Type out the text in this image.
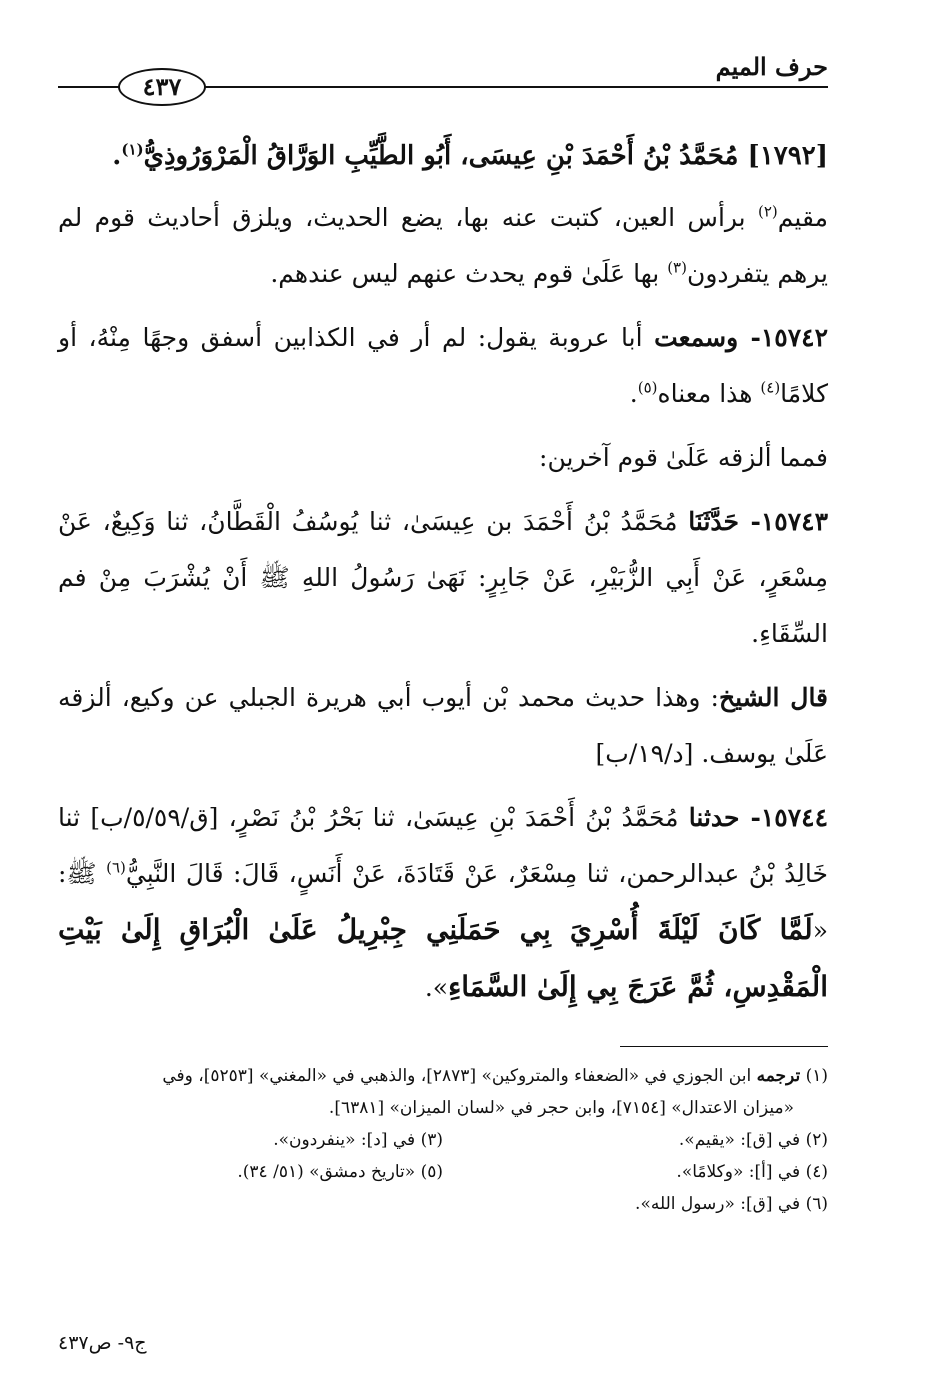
حرف الميم
٤٣٧

[١٧٩٢] مُحَمَّدُ بْنُ أَحْمَدَ بْنِ عِيسَى، أَبُو الطَّيِّبِ الوَرَّاقُ الْمَرْوَرُوذِيُّ$^{(١)}$.

مقيم$^{(٢)}$ برأس العين، كتبت عنه بها، يضع الحديث، ويلزق أحاديث قوم لم يرهم يتفردون$^{(٣)}$ بها عَلَىٰ قوم يحدث عنهم ليس عندهم.

١٥٧٤٢- وسمعت أبا عروبة يقول: لم أر في الكذابين أسفق وجهًا مِنْهُ، أو كلامًا$^{(٤)}$ هذا معناه$^{(٥)}$.

فمما ألزقه عَلَىٰ قوم آخرين:

١٥٧٤٣- حَدَّثَنَا مُحَمَّدُ بْنُ أَحْمَدَ بن عِيسَىٰ، ثنا يُوسُفُ الْقَطَّانُ، ثنا وَكِيعٌ، عَنْ مِسْعَرٍ، عَنْ أَبِي الزُّبَيْرِ، عَنْ جَابِرٍ: نَهَىٰ رَسُولُ اللهِ ﷺ أَنْ يُشْرَبَ مِنْ فم السِّقَاءِ.

قال الشيخ: وهذا حديث محمد بْن أيوب أبي هريرة الجبلي عن وكيع، ألزقه عَلَىٰ يوسف. [د/١٩/ب]

١٥٧٤٤- حدثنا مُحَمَّدُ بْنُ أَحْمَدَ بْنِ عِيسَىٰ، ثنا بَحْرُ بْنُ نَصْرٍ، [ق/٥/٥٩/ب] ثنا خَالِدُ بْنُ عبدالرحمن، ثنا مِسْعَرٌ، عَنْ قَتَادَةَ، عَنْ أَنَسٍ، قَالَ: قَالَ النَّبِيُّ$^{(٦)}$ ﷺ: «لَمَّا كَانَ لَيْلَةَ أُسْرِيَ بِي حَمَلَنِي جِبْرِيلُ عَلَىٰ الْبُرَاقِ إِلَىٰ بَيْتِ الْمَقْدِسِ، ثُمَّ عَرَجَ بِي إِلَىٰ السَّمَاءِ».

(١) ترجمه ابن الجوزي في «الضعفاء والمتروكين» [٢٨٧٣]، والذهبي في «المغني» [٥٢٥٣]، وفي
«ميزان الاعتدال» [٧١٥٤]، وابن حجر في «لسان الميزان» [٦٣٨١].
(٢) في [ق]: «يقيم».
(٣) في [د]: «ينفردون».
(٤) في [أ]: «وكلامًا».
(٥) «تاريخ دمشق» (٥١/ ٣٤).
(٦) في [ق]: «رسول الله».
ج٩- ص٤٣٧
